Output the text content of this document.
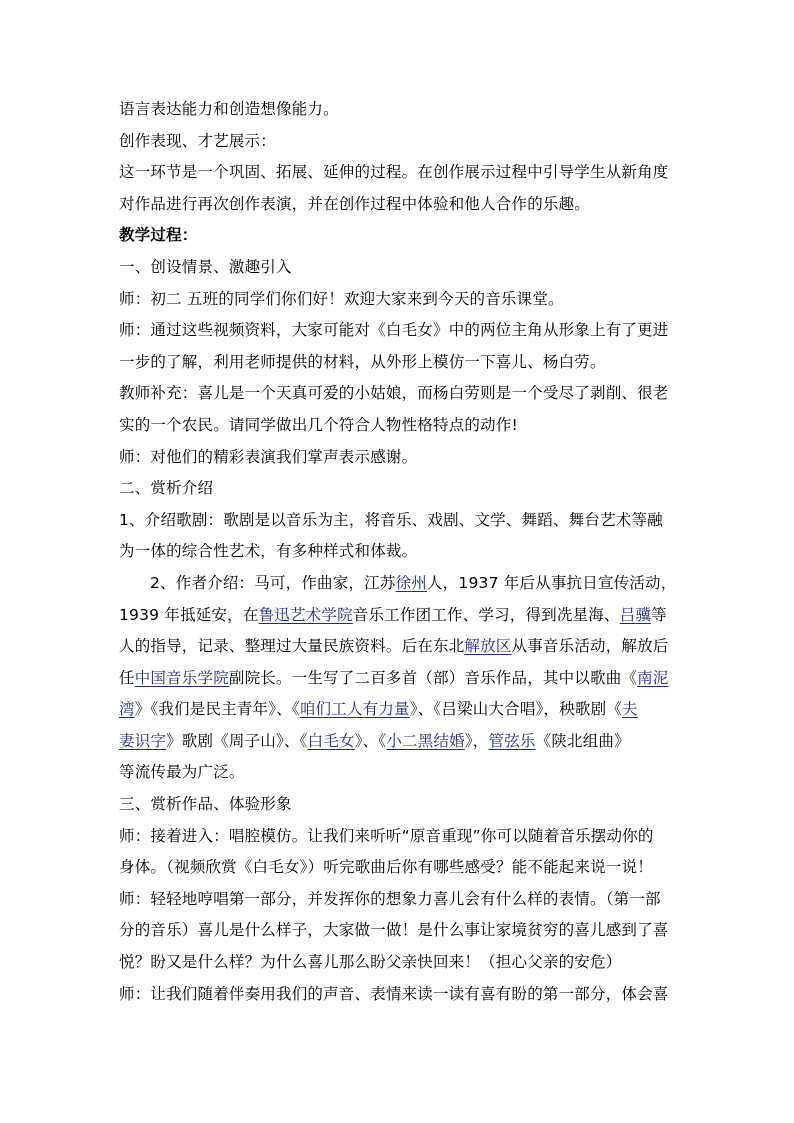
语言表达能力和创造想像能力。
创作表现、才艺展示：
这一环节是一个巩固、拓展、延伸的过程。在创作展示过程中引导学生从新角度
对作品进行再次创作表演，并在创作过程中体验和他人合作的乐趣。
教学过程：
一、创设情景、激趣引入
师：初二 五班的同学们你们好！欢迎大家来到今天的音乐课堂。
师：通过这些视频资料，大家可能对《白毛女》中的两位主角从形象上有了更进
一步的了解，利用老师提供的材料，从外形上模仿一下喜儿、杨白劳。
教师补充：喜儿是一个天真可爱的小姑娘，而杨白劳则是一个受尽了剥削、很老
实的一个农民。请同学做出几个符合人物性格特点的动作!
师：对他们的精彩表演我们掌声表示感谢。
二、赏析介绍
1、介绍歌剧：歌剧是以音乐为主，将音乐、戏剧、文学、舞蹈、舞台艺术等融
为一体的综合性艺术，有多种样式和体裁。
2、作者介绍：马可，作曲家，江苏徐州人，1937 年后从事抗日宣传活动，
1939 年抵延安，在鲁迅艺术学院音乐工作团工作、学习，得到冼星海、吕骥等
人的指导，记录、整理过大量民族资料。后在东北解放区从事音乐活动，解放后
任中国音乐学院副院长。一生写了二百多首（部）音乐作品，其中以歌曲《南泥
湾》《我们是民主青年》、《咱们工人有力量》、《吕梁山大合唱》，秧歌剧《夫
妻识字》歌剧《周子山》、《白毛女》、《小二黑结婚》，管弦乐《陕北组曲》
等流传最为广泛。
三、赏析作品、体验形象
师：接着进入：唱腔模仿。让我们来听听“原音重现”你可以随着音乐摆动你的
身体。（视频欣赏《白毛女》）听完歌曲后你有哪些感受？能不能起来说一说！
师：轻轻地哼唱第一部分，并发挥你的想象力喜儿会有什么样的表情。（第一部
分的音乐）喜儿是什么样子，大家做一做！是什么事让家境贫穷的喜儿感到了喜
悦？盼又是什么样？为什么喜儿那么盼父亲快回来！（担心父亲的安危）
师：让我们随着伴奏用我们的声音、表情来读一读有喜有盼的第一部分，体会喜
